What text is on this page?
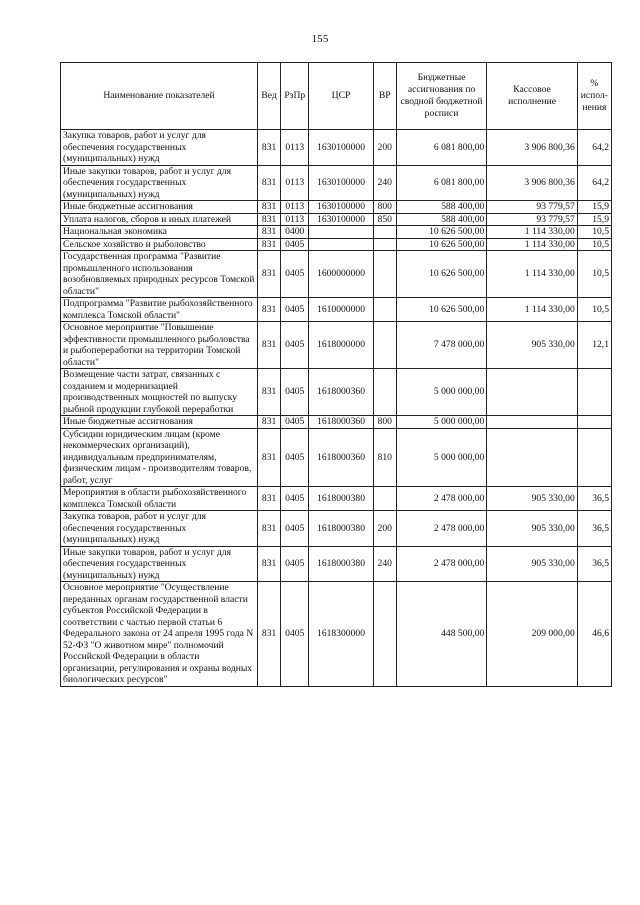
155
Наименование показателей	Вед	РзПр	ЦСР	ВР	Бюджетные ассигнования по сводной бюджетной росписи	Кассовое исполнение	% испол-нения
Закупка товаров, работ и услуг для обеспечения государственных (муниципальных) нужд	831	0113	1630100000	200	6 081 800,00	3 906 800,36	64,2
Иные закупки товаров, работ и услуг для обеспечения государственных (муниципальных) нужд	831	0113	1630100000	240	6 081 800,00	3 906 800,36	64,2
Иные бюджетные ассигнования	831	0113	1630100000	800	588 400,00	93 779,57	15,9
Уплата налогов, сборов и иных платежей	831	0113	1630100000	850	588 400,00	93 779,57	15,9
Национальная экономика	831	0400			10 626 500,00	1 114 330,00	10,5
Сельское хозяйство и рыболовство	831	0405			10 626 500,00	1 114 330,00	10,5
Государственная программа "Развитие промышленного использования возобновляемых природных ресурсов Томской области"	831	0405	1600000000		10 626 500,00	1 114 330,00	10,5
Подпрограмма "Развитие рыбохозяйственного комплекса Томской области"	831	0405	1610000000		10 626 500,00	1 114 330,00	10,5
Основное мероприятие "Повышение эффективности промышленного рыболовства и рыбопереработки на территории Томской области"	831	0405	1618000000		7 478 000,00	905 330,00	12,1
Возмещение части затрат, связанных с созданием и модернизацией производственных мощностей по выпуску рыбной продукции глубокой переработки	831	0405	1618000360		5 000 000,00		
Иные бюджетные ассигнования	831	0405	1618000360	800	5 000 000,00		
Субсидии юридическим лицам (кроме некоммерческих организаций), индивидуальным предпринимателям, физическим лицам - производителям товаров, работ, услуг	831	0405	1618000360	810	5 000 000,00		
Мероприятия в области рыбохозяйственного комплекса Томской области	831	0405	1618000380		2 478 000,00	905 330,00	36,5
Закупка товаров, работ и услуг для обеспечения государственных (муниципальных) нужд	831	0405	1618000380	200	2 478 000,00	905 330,00	36,5
Иные закупки товаров, работ и услуг для обеспечения государственных (муниципальных) нужд	831	0405	1618000380	240	2 478 000,00	905 330,00	36,5
Основное мероприятие "Осуществление переданных органам государственной власти субъектов Российской Федерации в соответствии с частью первой статьи 6 Федерального закона от 24 апреля 1995 года N 52-ФЗ "О животном мире" полномочий Российской Федерации в области организации, регулирования и охраны водных биологических ресурсов"	831	0405	1618300000		448 500,00	209 000,00	46,6
